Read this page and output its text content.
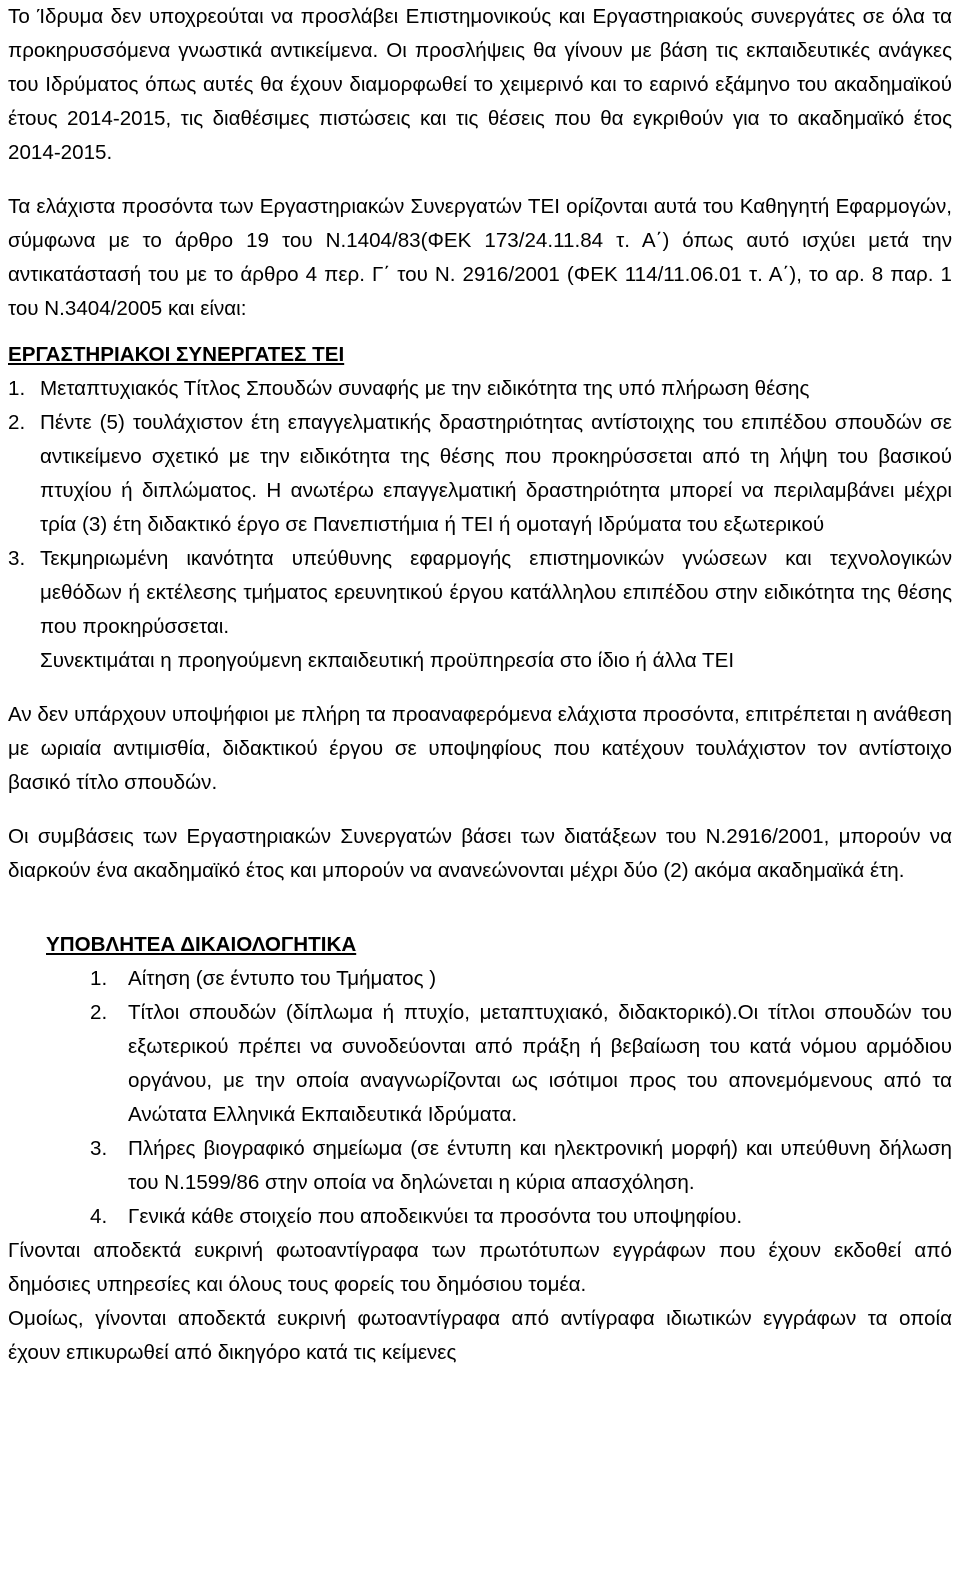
Το Ίδρυμα δεν υποχρεούται να προσλάβει Επιστημονικούς και Εργαστηριακούς συνεργάτες σε όλα τα προκηρυσσόμενα γνωστικά αντικείμενα. Οι προσλήψεις θα γίνουν με βάση τις εκπαιδευτικές ανάγκες του Ιδρύματος όπως αυτές θα έχουν διαμορφωθεί το χειμερινό και το εαρινό εξάμηνο του ακαδημαϊκού έτους 2014-2015, τις διαθέσιμες πιστώσεις και τις θέσεις που θα εγκριθούν για το ακαδημαϊκό έτος 2014-2015.

Τα ελάχιστα προσόντα των Εργαστηριακών Συνεργατών ΤΕΙ ορίζονται αυτά του Καθηγητή Εφαρμογών, σύμφωνα με το άρθρο 19 του Ν.1404/83(ΦΕΚ 173/24.11.84 τ. Α΄) όπως αυτό ισχύει μετά την αντικατάστασή του με το άρθρο 4 περ. Γ΄ του Ν. 2916/2001 (ΦΕΚ 114/11.06.01 τ. Α΄), το αρ. 8 παρ. 1 του Ν.3404/2005 και είναι:

ΕΡΓΑΣΤΗΡΙΑΚΟΙ ΣΥΝΕΡΓΑΤΕΣ ΤΕΙ

1. Μεταπτυχιακός Τίτλος Σπουδών συναφής με την ειδικότητα της υπό πλήρωση θέσης
2. Πέντε (5) τουλάχιστον έτη επαγγελματικής δραστηριότητας αντίστοιχης του επιπέδου σπουδών σε αντικείμενο σχετικό με την ειδικότητα της θέσης που προκηρύσσεται από τη λήψη του βασικού πτυχίου ή διπλώματος. Η ανωτέρω επαγγελματική δραστηριότητα μπορεί να περιλαμβάνει μέχρι τρία (3) έτη διδακτικό έργο σε Πανεπιστήμια ή ΤΕΙ ή ομοταγή Ιδρύματα του εξωτερικού
3. Τεκμηριωμένη ικανότητα υπεύθυνης εφαρμογής επιστημονικών γνώσεων και τεχνολογικών μεθόδων ή εκτέλεσης τμήματος ερευνητικού έργου κατάλληλου επιπέδου στην ειδικότητα της θέσης που προκηρύσσεται.

Συνεκτιμάται η προηγούμενη εκπαιδευτική προϋπηρεσία στο ίδιο ή άλλα ΤΕΙ

Αν δεν υπάρχουν υποψήφιοι με πλήρη τα προαναφερόμενα ελάχιστα προσόντα, επιτρέπεται η ανάθεση με ωριαία αντιμισθία, διδακτικού έργου σε υποψηφίους που κατέχουν τουλάχιστον τον αντίστοιχο βασικό τίτλο σπουδών.

Οι συμβάσεις των Εργαστηριακών Συνεργατών βάσει των διατάξεων του Ν.2916/2001, μπορούν να διαρκούν ένα ακαδημαϊκό έτος και μπορούν να ανανεώνονται μέχρι δύο (2) ακόμα ακαδημαϊκά έτη.

ΥΠΟΒΛΗΤΕΑ ΔΙΚΑΙΟΛΟΓΗΤΙΚΑ

1. Αίτηση (σε έντυπο του Τμήματος )
2. Τίτλοι σπουδών (δίπλωμα ή πτυχίο, μεταπτυχιακό, διδακτορικό).Οι τίτλοι σπουδών του εξωτερικού πρέπει να συνοδεύονται από πράξη ή βεβαίωση του κατά νόμου αρμόδιου οργάνου, με την οποία αναγνωρίζονται ως ισότιμοι προς του απονεμόμενους από τα Ανώτατα Ελληνικά Εκπαιδευτικά Ιδρύματα.
3. Πλήρες βιογραφικό σημείωμα (σε έντυπη και ηλεκτρονική μορφή) και υπεύθυνη δήλωση του Ν.1599/86 στην οποία να δηλώνεται η κύρια απασχόληση.
4. Γενικά κάθε στοιχείο που αποδεικνύει τα προσόντα του υποψηφίου.

Γίνονται αποδεκτά ευκρινή φωτοαντίγραφα των πρωτότυπων εγγράφων που έχουν εκδοθεί από δημόσιες υπηρεσίες και όλους τους φορείς του δημόσιου τομέα.

Ομοίως, γίνονται αποδεκτά ευκρινή φωτοαντίγραφα από αντίγραφα ιδιωτικών εγγράφων τα οποία έχουν επικυρωθεί από δικηγόρο κατά τις κείμενες
